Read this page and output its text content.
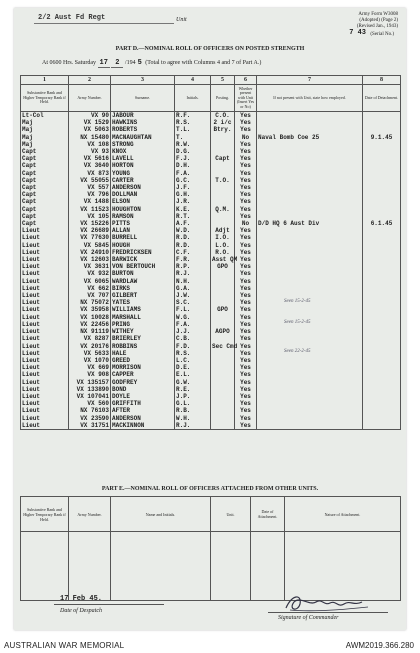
2/2 Aust Fd Regt	Unit
Army Form W3008
(Adopted) (Page 2)
(Revised Jan., 1943)
7 43 (Serial No.)
PART D.—NOMINAL ROLL OF OFFICERS ON POSTED STRENGTH
At 0600 Hrs. Saturday 17 2 /194 5 (Total to agree with Columns 4 and 7 of Part A.)
1	2	3	4	5	6	7	8
Substantive Rank and Higher Temporary Rank if Held.	Army Number.	Surname.	Initials.	Posting.	Whether present with Unit (Insert Yes or No)	If not present with Unit, state how employed.	Date of Detachment.
Lt-Col	VX 90	JABOUR	R.F.	C.O.	Yes		
Maj	VX 1529	HAWKINS	R.S.	2 i/c	Yes		
Maj	VX 5063	ROBERTS	T.L.	Btry.	Yes		
Maj	NX 15480	MACNAUGHTAN	T.		No	Naval Bomb Coe 25	9.1.45
Maj	VX 108	STRONG	R.W.		Yes		
Capt	VX 93	KNOX	D.G.		Yes		
Capt	VX 5616	LAVELL	F.J.	Capt	Yes		
Capt	VX 3640	HORTON	D.H.		Yes		
Capt	VX 873	YOUNG	F.A.		Yes		
Capt	VX 55055	CARTER	G.C.	T.O.	Yes		
Capt	VX 557	ANDERSON	J.F.		Yes		
Capt	VX 796	DOLLMAN	G.H.		Yes		
Capt	VX 1488	ELSON	J.R.		Yes		
Capt	VX 11523	HOUGHTON	K.E.	Q.M.	Yes		
Capt	VX 105	RAMSON	R.T.		Yes		
Capt	VX 15226	PITTS	A.F.		No	D/D HQ 6 Aust Div	6.1.45
Lieut	VX 26689	ALLAN	W.D.	Adjt	Yes		
Lieut	VX 77630	BURRELL	R.D.	I.O.	Yes		
Lieut	VX 5845	HOUGH	R.D.	L.O.	Yes		
Lieut	VX 24910	FREDRICKSEN	C.F.	R.O.	Yes		
Lieut	VX 12603	BARWICK	F.R.	Asst QM	Yes		
Lieut	VX 3631	VON BERTOUCH	R.P.	GPO	Yes		
Lieut	VX 932	BURTON	R.J.		Yes		
Lieut	VX 6065	WARDLAW	N.H.		Yes		
Lieut	VX 662	BIRKS	G.A.		Yes		
Lieut	VX 707	GILBERT	J.W.		Yes		
Lieut	NX 75072	YATES	S.C.		Yes		
Lieut	VX 35958	WILLIAMS	F.L.	GPO	Yes		
Lieut	VX 10028	MARSHALL	W.G.		Yes		
Lieut	VX 22456	PRING	F.A.		Yes		
Lieut	NX 91119	WITHEY	J.J.	AGPO	Yes		
Lieut	VX 8287	BRIERLEY	C.B.		Yes		
Lieut	VX 20176	ROBBINS	F.D.	Sec Cmd	Yes		
Lieut	VX 5633	HALE	R.S.		Yes		
Lieut	VX 1070	GREED	L.C.		Yes		
Lieut	VX 669	MORRISON	D.E.		Yes		
Lieut	VX 908	CAPPER	E.L.		Yes		
Lieut	VX 135157	GODFREY	G.W.		Yes		
Lieut	VX 133890	BOND	R.E.		Yes		
Lieut	VX 107041	DOYLE	J.P.		Yes		
Lieut	VX 560	GRIFFITH	G.L.		Yes		
Lieut	NX 76103	AFTER	R.B.		Yes		
Lieut	VX 23590	ANDERSON	W.H.		Yes		
Lieut	VX 31751	MACKINNON	R.J.		Yes		
Seen 15-2-45
Seen 15-2-45
Seen 22-2-45
PART E.—NOMINAL ROLL OF OFFICERS ATTACHED FROM OTHER UNITS.
Substantive Rank and Higher Temporary Rank if Held.	Army Number.	Name and Initials.	Unit.	Date of Attachment.	Nature of Attachment.

17 Feb 45.
Date of Despatch
Signature of Commander
AUSTRALIAN WAR MEMORIAL	AWM2019.366.280
